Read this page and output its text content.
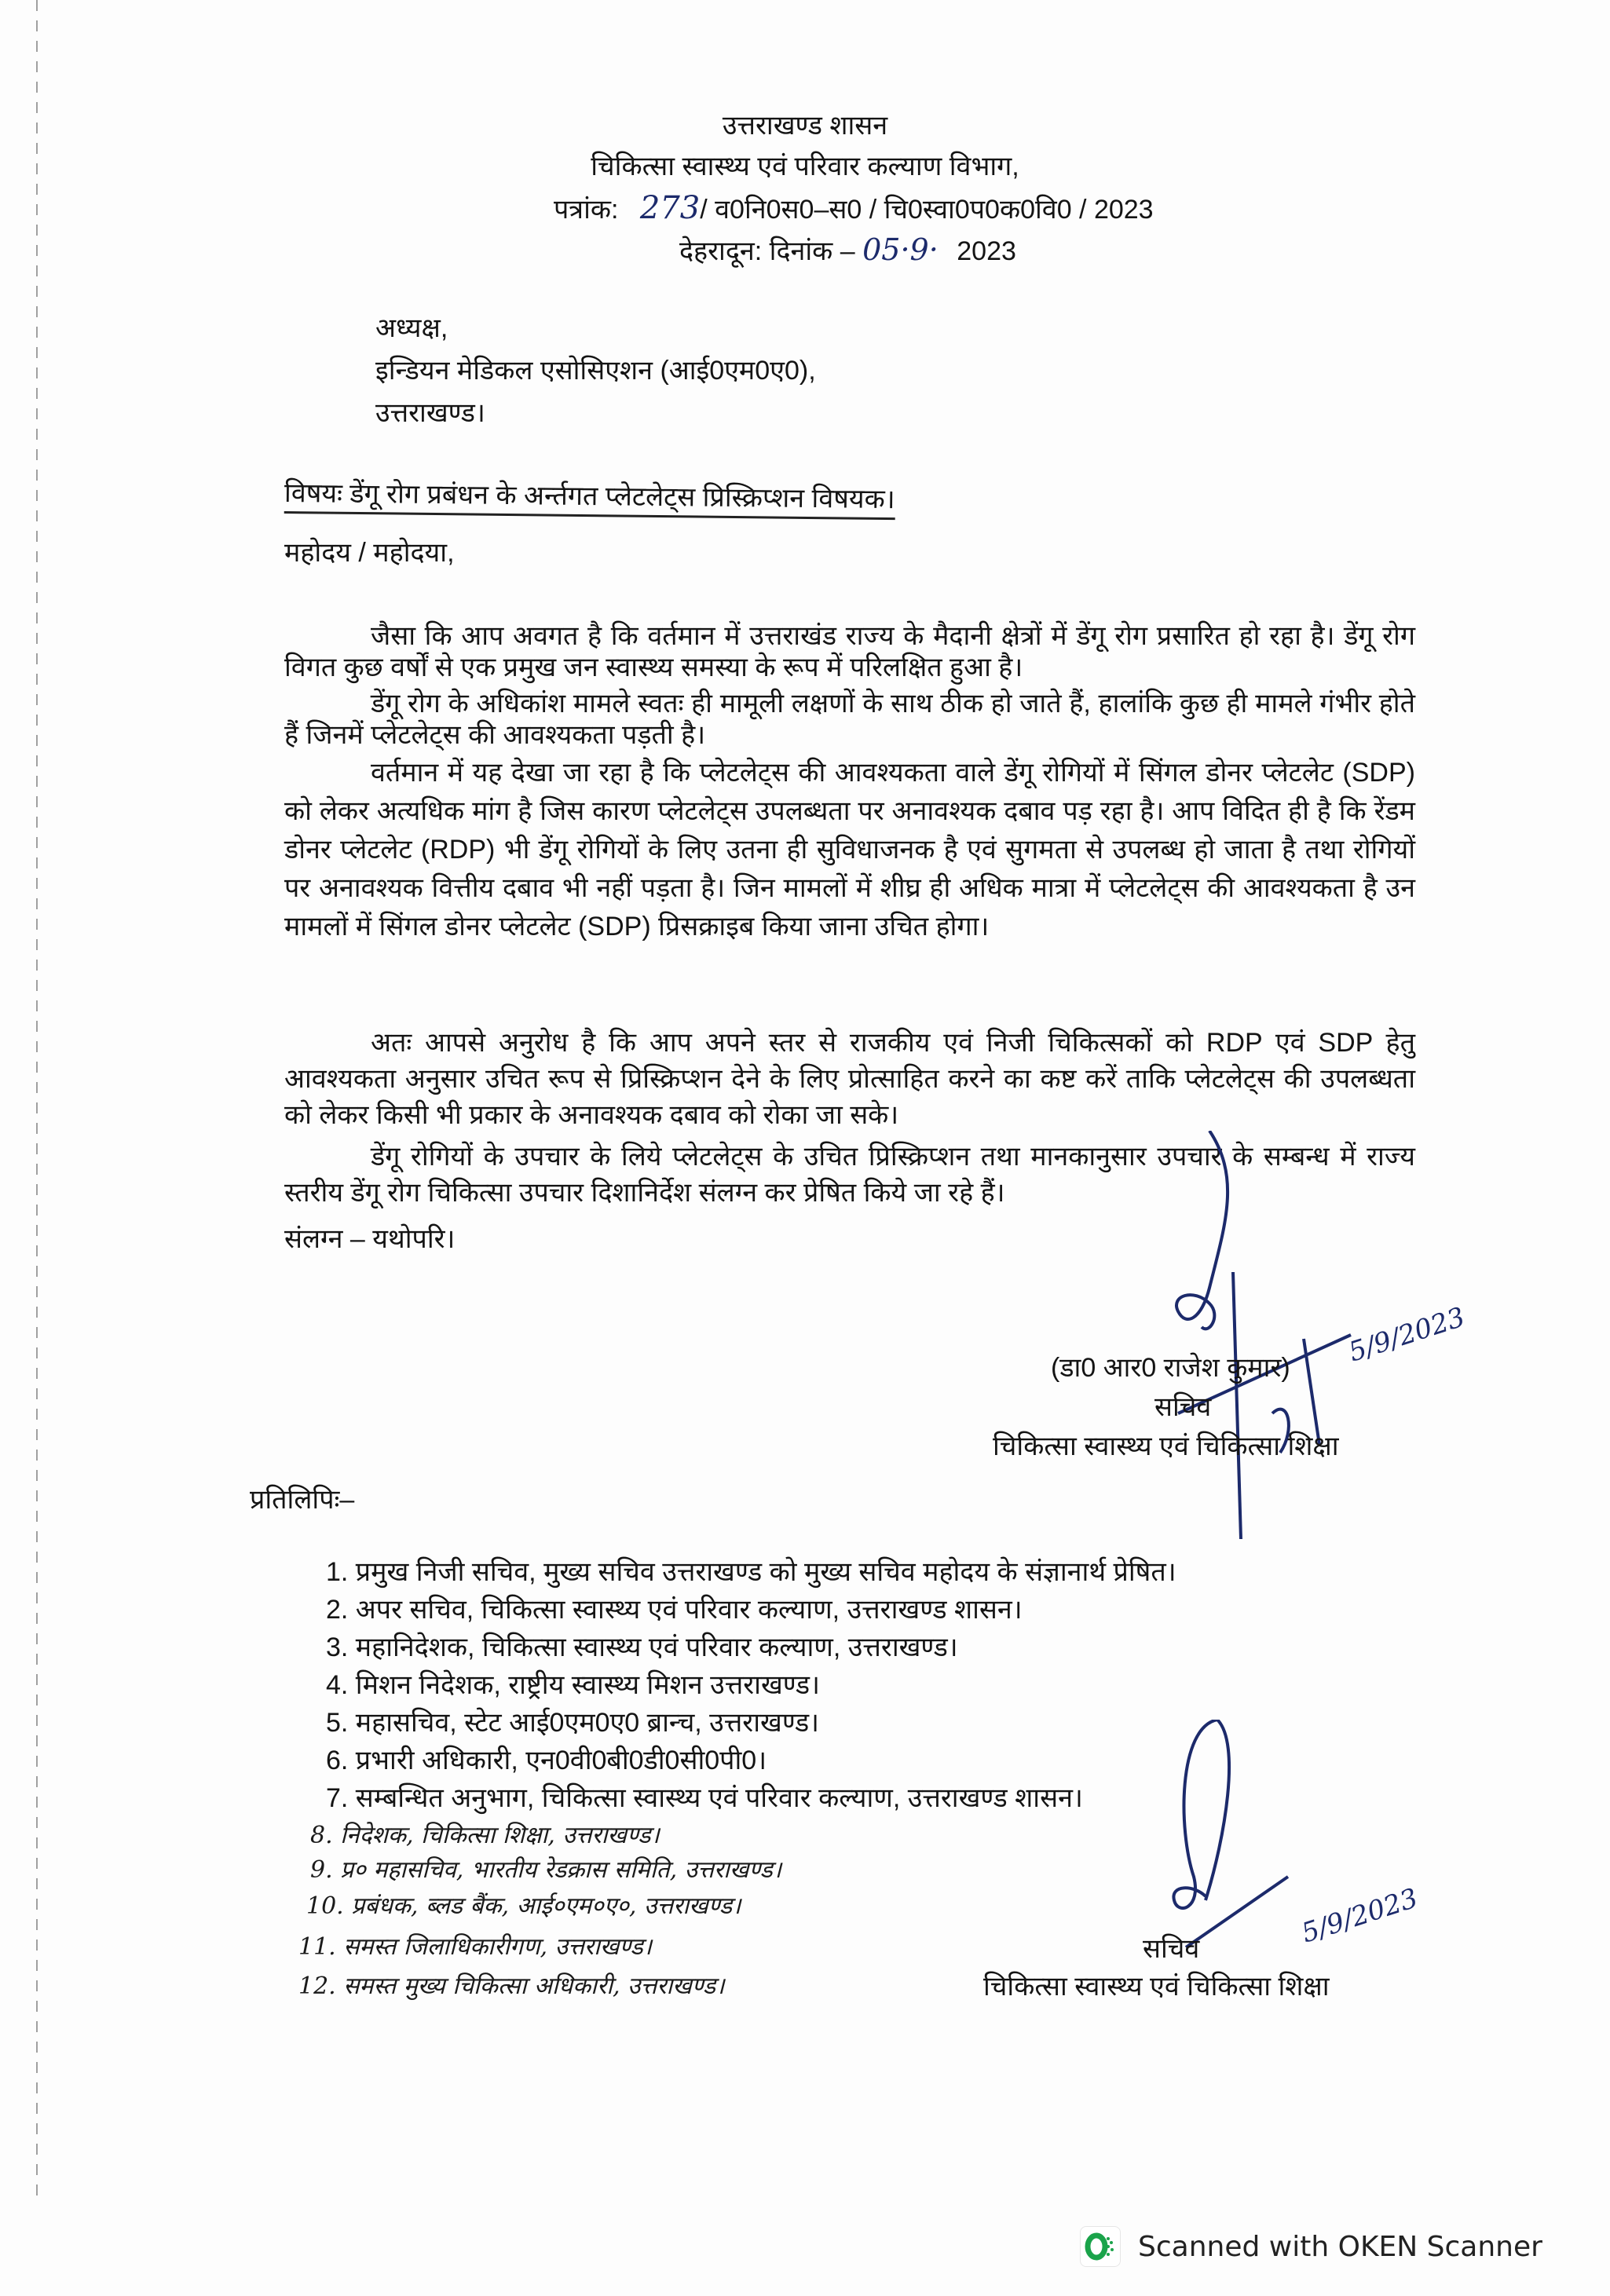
उत्तराखण्ड शासन
चिकित्सा स्वास्थ्य एवं परिवार कल्याण विभाग,
पत्रांक: 273/ व0नि0स0–स0 / चि0स्वा0प0क0वि0 / 2023
देहरादून: दिनांक – 05·9· 2023
अध्यक्ष,
इन्डियन मेडिकल एसोसिएशन (आई0एम0ए0),
उत्तराखण्ड।
विषयः डेंगू रोग प्रबंधन के अर्न्तगत प्लेटलेट्स प्रिस्क्रिप्शन विषयक।
महोदय / महोदया,
जैसा कि आप अवगत है कि वर्तमान में उत्तराखंड राज्य के मैदानी क्षेत्रों में डेंगू रोग प्रसारित हो रहा है। डेंगू रोग विगत कुछ वर्षों से एक प्रमुख जन स्वास्थ्य समस्या के रूप में परिलक्षित हुआ है।
डेंगू रोग के अधिकांश मामले स्वतः ही मामूली लक्षणों के साथ ठीक हो जाते हैं, हालांकि कुछ ही मामले गंभीर होते हैं जिनमें प्लेटलेट्स की आवश्यकता पड़ती है।
वर्तमान में यह देखा जा रहा है कि प्लेटलेट्स की आवश्यकता वाले डेंगू रोगियों में सिंगल डोनर प्लेटलेट (SDP) को लेकर अत्यधिक मांग है जिस कारण प्लेटलेट्स उपलब्धता पर अनावश्यक दबाव पड़ रहा है। आप विदित ही है कि रेंडम डोनर प्लेटलेट (RDP) भी डेंगू रोगियों के लिए उतना ही सुविधाजनक है एवं सुगमता से उपलब्ध हो जाता है तथा रोगियों पर अनावश्यक वित्तीय दबाव भी नहीं पड़ता है। जिन मामलों में शीघ्र ही अधिक मात्रा में प्लेटलेट्स की आवश्यकता है उन मामलों में सिंगल डोनर प्लेटलेट (SDP) प्रिसक्राइब किया जाना उचित होगा।
अतः आपसे अनुरोध है कि आप अपने स्तर से राजकीय एवं निजी चिकित्सकों को RDP एवं SDP हेतु आवश्यकता अनुसार उचित रूप से प्रिस्क्रिप्शन देने के लिए प्रोत्साहित करने का कष्ट करें ताकि प्लेटलेट्स की उपलब्धता को लेकर किसी भी प्रकार के अनावश्यक दबाव को रोका जा सके।
डेंगू रोगियों के उपचार के लिये प्लेटलेट्स के उचित प्रिस्क्रिप्शन तथा मानकानुसार उपचार के सम्बन्ध में राज्य स्तरीय डेंगू रोग चिकित्सा उपचार दिशानिर्देश संलग्न कर प्रेषित किये जा रहे हैं।
संलग्न – यथोपरि।
5/9/2023
(डा0 आर0 राजेश कुमार)
सचिव
चिकित्सा स्वास्थ्य एवं चिकित्सा शिक्षा
प्रतिलिपिः–
1. प्रमुख निजी सचिव, मुख्य सचिव उत्तराखण्ड को मुख्य सचिव महोदय के संज्ञानार्थ प्रेषित।
2. अपर सचिव, चिकित्सा स्वास्थ्य एवं परिवार कल्याण, उत्तराखण्ड शासन।
3. महानिदेशक, चिकित्सा स्वास्थ्य एवं परिवार कल्याण, उत्तराखण्ड।
4. मिशन निदेशक, राष्ट्रीय स्वास्थ्य मिशन उत्तराखण्ड।
5. महासचिव, स्टेट आई0एम0ए0 ब्रान्च, उत्तराखण्ड।
6. प्रभारी अधिकारी, एन0वी0बी0डी0सी0पी0।
7. सम्बन्धित अनुभाग, चिकित्सा स्वास्थ्य एवं परिवार कल्याण, उत्तराखण्ड शासन।
8. निदेशक, चिकित्सा शिक्षा, उत्तराखण्ड।
9. प्र० महासचिव, भारतीय रेडक्रास समिति, उत्तराखण्ड।
10. प्रबंधक, ब्लड बैंक, आई०एम०ए०, उत्तराखण्ड।
11. समस्त जिलाधिकारीगण, उत्तराखण्ड।
12. समस्त मुख्य चिकित्सा अधिकारी, उत्तराखण्ड।
5/9/2023
सचिव
चिकित्सा स्वास्थ्य एवं चिकित्सा शिक्षा
Scanned with OKEN Scanner
